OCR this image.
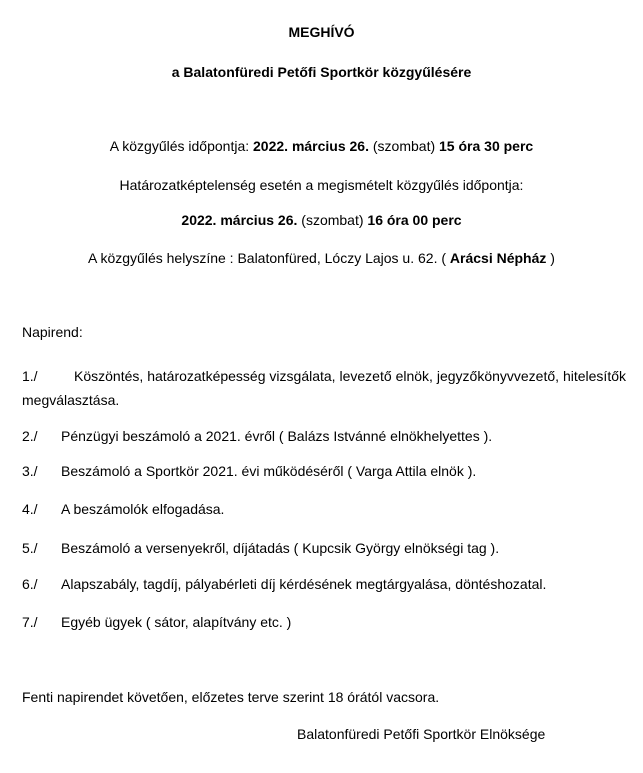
MEGHÍVÓ
a Balatonfüredi Petőfi Sportkör közgyűlésére
A közgyűlés időpontja: 2022. március 26. (szombat) 15 óra 30 perc
Határozatképtelenség esetén a megismételt közgyűlés időpontja:
2022. március 26. (szombat) 16 óra 00 perc
A közgyűlés helyszíne : Balatonfüred, Lóczy Lajos u. 62. ( Arácsi Népház )
Napirend:
1./	Köszöntés, határozatképesség vizsgálata, levezető elnök, jegyzőkönyvvezető, hitelesítők megválasztása.
2./ Pénzügyi beszámoló a 2021. évről ( Balázs Istvánné elnökhelyettes ).
3./ Beszámoló a Sportkör 2021. évi működéséről ( Varga Attila elnök ).
4./ A beszámolók elfogadása.
5./ Beszámoló a versenyekről, díjátadás ( Kupcsik György elnökségi tag ).
6./ Alapszabály, tagdíj, pályabérleti díj kérdésének megtárgyalása, döntéshozatal.
7./ Egyéb ügyek ( sátor, alapítvány etc. )
Fenti napirendet követően, előzetes terve szerint 18 órától vacsora.
Balatonfüredi Petőfi Sportkör Elnöksége
